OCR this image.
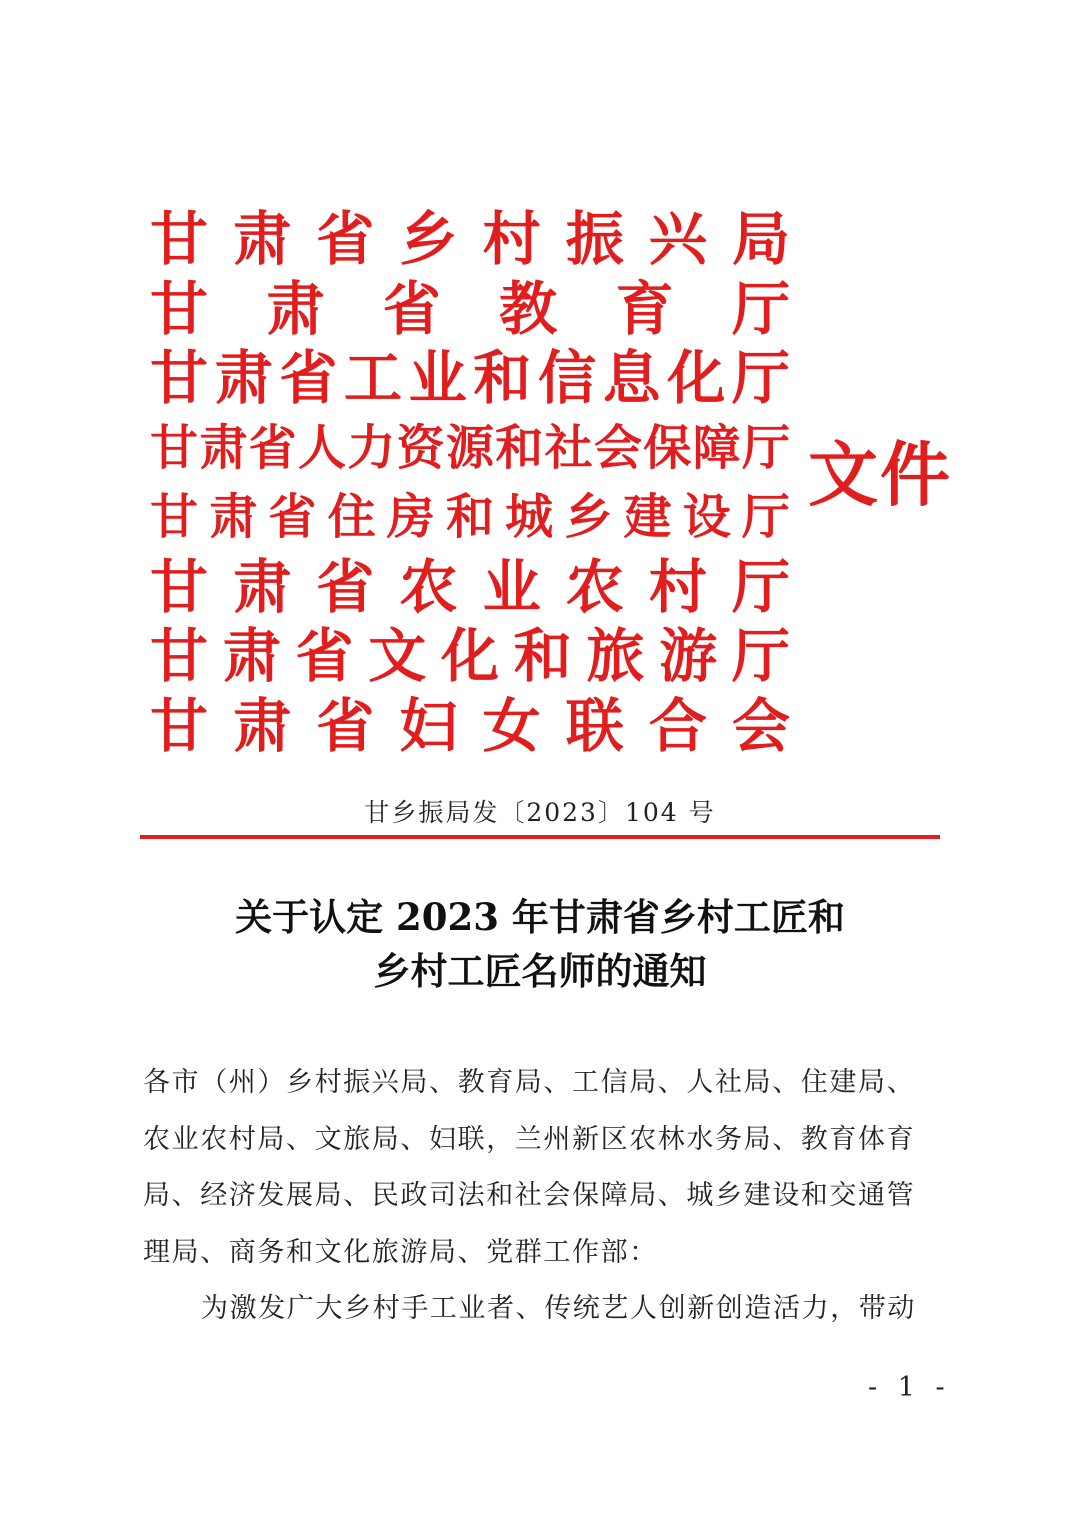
甘 肃 省 乡 村 振 兴 局
甘 肃 省 教 育 厅
甘 肃 省 工 业 和 信 息 化 厅
甘 肃 省 人 力 资 源 和 社 会 保 障 厅
甘 肃 省 住 房 和 城 乡 建 设 厅
甘 肃 省 农 业 农 村 厅
甘 肃 省 文 化 和 旅 游 厅
甘 肃 省 妇 女 联 合 会
文件
甘乡振局发〔2023〕104 号
关于认定 2023 年甘肃省乡村工匠和
乡村工匠名师的通知
各市（州）乡村振兴局、教育局、工信局、人社局、住建局、
农业农村局、文旅局、妇联，兰州新区农林水务局、教育体育
局、经济发展局、民政司法和社会保障局、城乡建设和交通管
理局、商务和文化旅游局、党群工作部：
为激发广大乡村手工业者、传统艺人创新创造活力，带动
- 1 -
